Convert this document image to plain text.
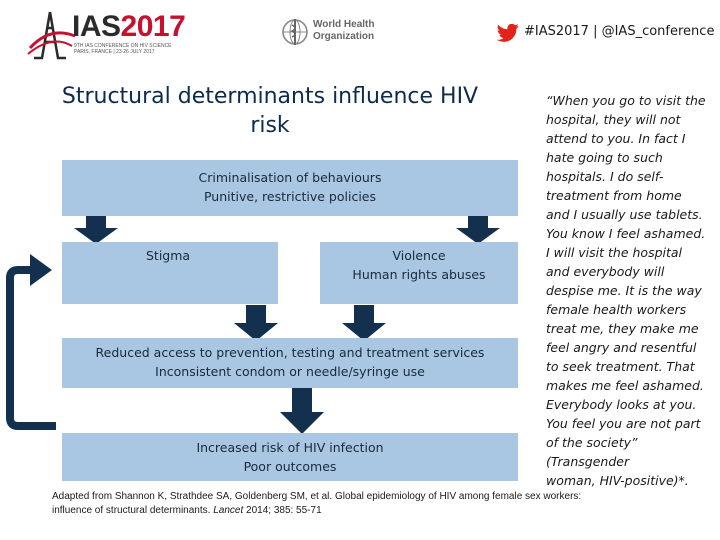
IAS2017
9TH IAS CONFERENCE ON HIV SCIENCE PARIS, FRANCE | 23-26 JULY 2017
World Health
Organization	#IAS2017 | @IAS_conference
Structural determinants influence HIV
risk
Criminalisation of behaviours
Punitive, restrictive policies
Stigma	Violence
Human rights abuses
Reduced access to prevention, testing and treatment services
Inconsistent condom or needle/syringe use
Increased risk of HIV infection
Poor outcomes
“When you go to visit the
hospital, they will not
attend to you. In fact I
hate going to such
hospitals. I do self-
treatment from home
and I usually use tablets.
You know I feel ashamed.
I will visit the hospital
and everybody will
despise me. It is the way
female health workers
treat me, they make me
feel angry and resentful
to seek treatment. That
makes me feel ashamed.
Everybody looks at you.
You feel you are not part
of the society”
(Transgender
woman, HIV-positive)*.
Adapted from Shannon K, Strathdee SA, Goldenberg SM, et al. Global epidemiology of HIV among female sex workers: influence of structural determinants. Lancet 2014; 385: 55-71
